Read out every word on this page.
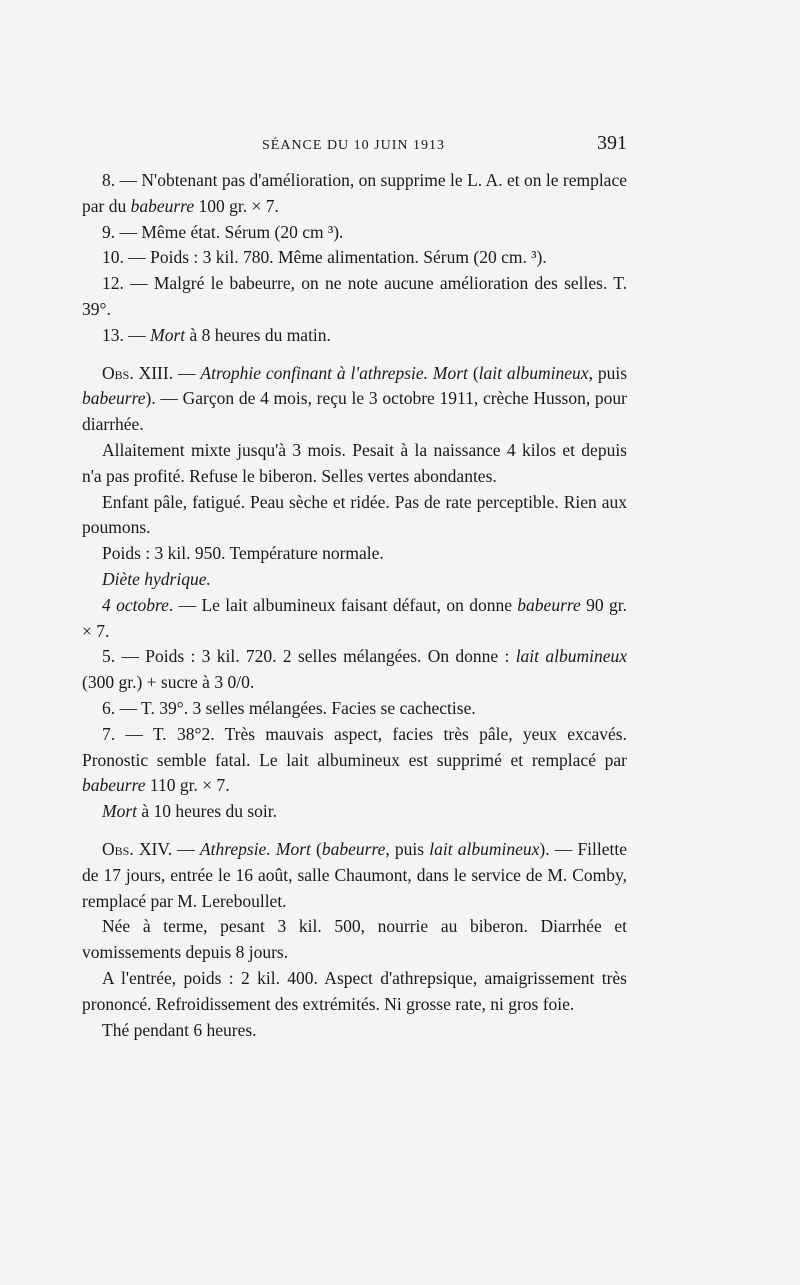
SÉANCE DU 10 JUIN 1913	391

8. — N'obtenant pas d'amélioration, on supprime le L. A. et on le remplace par du babeurre 100 gr. × 7.

9. — Même état. Sérum (20 cm ³).

10. — Poids : 3 kil. 780. Même alimentation. Sérum (20 cm. ³).

12. — Malgré le babeurre, on ne note aucune amélioration des selles. T. 39°.

13. — Mort à 8 heures du matin.

Obs. XIII. — Atrophie confinant à l'athrepsie. Mort (lait albumineux, puis babeurre). — Garçon de 4 mois, reçu le 3 octobre 1911, crèche Husson, pour diarrhée.

Allaitement mixte jusqu'à 3 mois. Pesait à la naissance 4 kilos et depuis n'a pas profité. Refuse le biberon. Selles vertes abondantes.

Enfant pâle, fatigué. Peau sèche et ridée. Pas de rate perceptible. Rien aux poumons.

Poids : 3 kil. 950. Température normale.

Diète hydrique.

4 octobre. — Le lait albumineux faisant défaut, on donne babeurre 90 gr. × 7.

5. — Poids : 3 kil. 720. 2 selles mélangées. On donne : lait albumineux (300 gr.) + sucre à 3 0/0.

6. — T. 39°. 3 selles mélangées. Facies se cachectise.

7. — T. 38°2. Très mauvais aspect, facies très pâle, yeux excavés. Pronostic semble fatal. Le lait albumineux est supprimé et remplacé par babeurre 110 gr. × 7.

Mort à 10 heures du soir.

Obs. XIV. — Athrepsie. Mort (babeurre, puis lait albumineux). — Fillette de 17 jours, entrée le 16 août, salle Chaumont, dans le service de M. Comby, remplacé par M. Lereboullet.

Née à terme, pesant 3 kil. 500, nourrie au biberon. Diarrhée et vomissements depuis 8 jours.

A l'entrée, poids : 2 kil. 400. Aspect d'athrepsique, amaigrissement très prononcé. Refroidissement des extrémités. Ni grosse rate, ni gros foie.

Thé pendant 6 heures.
